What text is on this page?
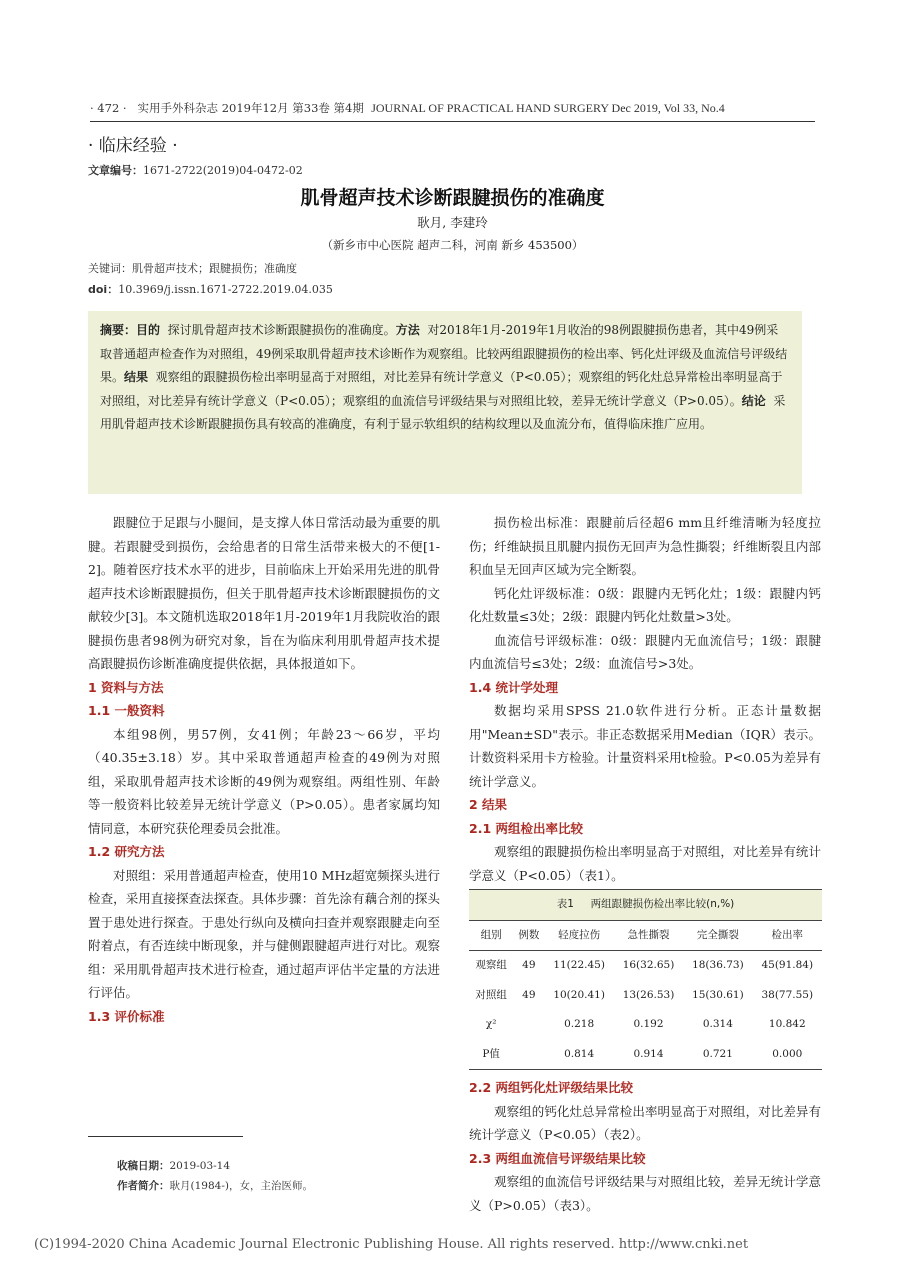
· 472 · 实用手外科杂志 2019年12月 第33卷 第4期 JOURNAL OF PRACTICAL HAND SURGERY Dec 2019, Vol 33, No.4
· 临床经验 ·
文章编号：1671-2722(2019)04-0472-02
肌骨超声技术诊断跟腱损伤的准确度
耿月, 李建玲
（新乡市中心医院 超声二科，河南 新乡 453500）
关键词：肌骨超声技术；跟腱损伤；准确度
doi：10.3969/j.issn.1671-2722.2019.04.035
摘要：目的 探讨肌骨超声技术诊断跟腱损伤的准确度。方法 对2018年1月-2019年1月收治的98例跟腱损伤患者，其中49例采取普通超声检查作为对照组，49例采取肌骨超声技术诊断作为观察组。比较两组跟腱损伤的检出率、钙化灶评级及血流信号评级结果。结果 观察组的跟腱损伤检出率明显高于对照组，对比差异有统计学意义（P<0.05）；观察组的钙化灶总异常检出率明显高于对照组，对比差异有统计学意义（P<0.05）；观察组的血流信号评级结果与对照组比较，差异无统计学意义（P>0.05）。结论 采用肌骨超声技术诊断跟腱损伤具有较高的准确度，有利于显示软组织的结构纹理以及血流分布，值得临床推广应用。

跟腱位于足跟与小腿间，是支撑人体日常活动最为重要的肌腱。若跟腱受到损伤，会给患者的日常生活带来极大的不便[1-2]。随着医疗技术水平的进步，目前临床上开始采用先进的肌骨超声技术诊断跟腱损伤，但关于肌骨超声技术诊断跟腱损伤的文献较少[3]。本文随机选取2018年1月-2019年1月我院收治的跟腱损伤患者98例为研究对象，旨在为临床利用肌骨超声技术提高跟腱损伤诊断准确度提供依据，具体报道如下。

1 资料与方法
1.1 一般资料

本组98例，男57例，女41例；年龄23～66岁，平均（40.35±3.18）岁。其中采取普通超声检查的49例为对照组，采取肌骨超声技术诊断的49例为观察组。两组性别、年龄等一般资料比较差异无统计学意义（P>0.05）。患者家属均知情同意，本研究获伦理委员会批准。

1.2 研究方法

对照组：采用普通超声检查，使用10 MHz超宽频探头进行检查，采用直接探查法探查。具体步骤：首先涂有藕合剂的探头置于患处进行探查。于患处行纵向及横向扫查并观察跟腱走向至附着点，有否连续中断现象，并与健侧跟腱超声进行对比。观察组：采用肌骨超声技术进行检查，通过超声评估半定量的方法进行评估。

1.3 评价标准
收稿日期：2019-03-14
作者简介：耿月(1984-)，女，主治医师。

损伤检出标准：跟腱前后径超6 mm且纤维清晰为轻度拉伤；纤维缺损且肌腱内损伤无回声为急性撕裂；纤维断裂且内部积血呈无回声区域为完全断裂。

钙化灶评级标准：0级：跟腱内无钙化灶；1级：跟腱内钙化灶数量≤3处；2级：跟腱内钙化灶数量>3处。

血流信号评级标准：0级：跟腱内无血流信号；1级：跟腱内血流信号≤3处；2级：血流信号>3处。

1.4 统计学处理

数据均采用SPSS 21.0软件进行分析。正态计量数据用"Mean±SD"表示。非正态数据采用Median（IQR）表示。计数资料采用卡方检验。计量资料采用t检验。P<0.05为差异有统计学意义。

2 结果
2.1 两组检出率比较

观察组的跟腱损伤检出率明显高于对照组，对比差异有统计学意义（P<0.05）（表1）。

表1 两组跟腱损伤检出率比较(n,%)					
组别	例数	轻度拉伤	急性撕裂	完全撕裂	检出率
观察组	49	11(22.45)	16(32.65)	18(36.73)	45(91.84)
对照组	49	10(20.41)	13(26.53)	15(30.61)	38(77.55)
χ²		0.218	0.192	0.314	10.842
P值		0.814	0.914	0.721	0.000
2.2 两组钙化灶评级结果比较

观察组的钙化灶总异常检出率明显高于对照组，对比差异有统计学意义（P<0.05）（表2）。

2.3 两组血流信号评级结果比较

观察组的血流信号评级结果与对照组比较，差异无统计学意义（P>0.05）（表3）。

(C)1994-2020 China Academic Journal Electronic Publishing House. All rights reserved. http://www.cnki.net
